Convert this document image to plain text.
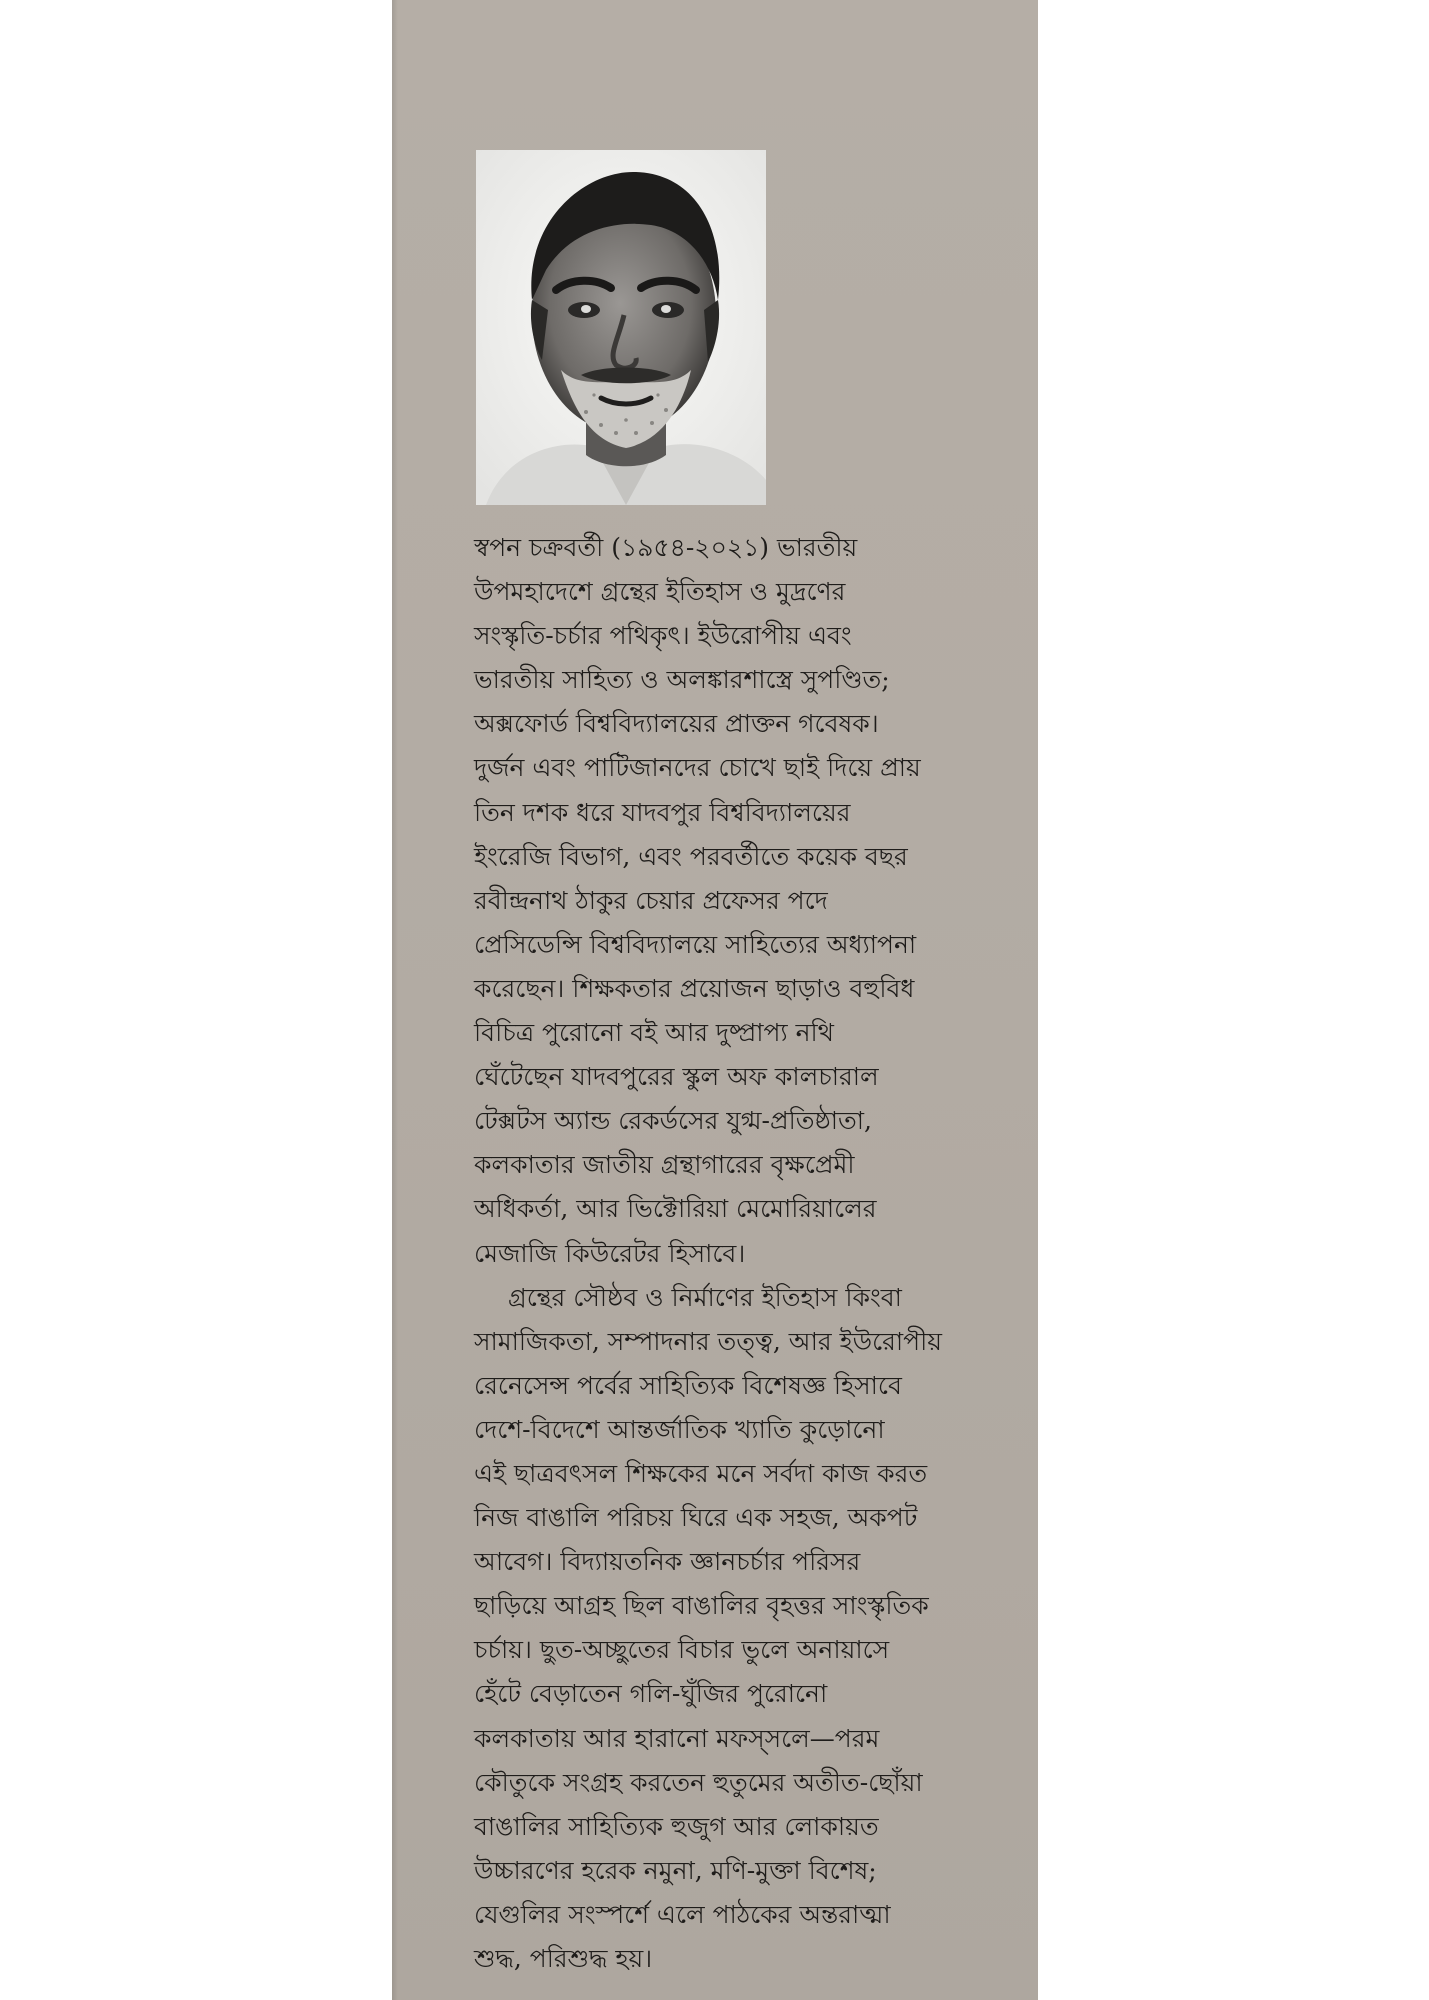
স্বপন চক্রবর্তী (১৯৫৪-২০২১) ভারতীয়
উপমহাদেশে গ্রন্থের ইতিহাস ও মুদ্রণের
সংস্কৃতি-চর্চার পথিকৃৎ। ইউরোপীয় এবং
ভারতীয় সাহিত্য ও অলঙ্কারশাস্ত্রে সুপণ্ডিত;
অক্সফোর্ড বিশ্ববিদ্যালয়ের প্রাক্তন গবেষক।
দুর্জন এবং পাটিজানদের চোখে ছাই দিয়ে প্রায়
তিন দশক ধরে যাদবপুর বিশ্ববিদ্যালয়ের
ইংরেজি বিভাগ, এবং পরবর্তীতে কয়েক বছর
রবীন্দ্রনাথ ঠাকুর চেয়ার প্রফেসর পদে
প্রেসিডেন্সি বিশ্ববিদ্যালয়ে সাহিত্যের অধ্যাপনা
করেছেন। শিক্ষকতার প্রয়োজন ছাড়াও বহুবিধ
বিচিত্র পুরোনো বই আর দুষ্প্রাপ্য নথি
ঘেঁটেছেন যাদবপুরের স্কুল অফ কালচারাল
টেক্সটস অ্যান্ড রেকর্ডসের যুগ্ম-প্রতিষ্ঠাতা,
কলকাতার জাতীয় গ্রন্থাগারের বৃক্ষপ্রেমী
অধিকর্তা, আর ভিক্টোরিয়া মেমোরিয়ালের
মেজাজি কিউরেটর হিসাবে।

গ্রন্থের সৌষ্ঠব ও নির্মাণের ইতিহাস কিংবা
সামাজিকতা, সম্পাদনার তত্ত্ব, আর ইউরোপীয়
রেনেসেন্স পর্বের সাহিত্যিক বিশেষজ্ঞ হিসাবে
দেশে-বিদেশে আন্তর্জাতিক খ্যাতি কুড়োনো
এই ছাত্রবৎসল শিক্ষকের মনে সর্বদা কাজ করত
নিজ বাঙালি পরিচয় ঘিরে এক সহজ, অকপট
আবেগ। বিদ্যায়তনিক জ্ঞানচর্চার পরিসর
ছাড়িয়ে আগ্রহ ছিল বাঙালির বৃহত্তর সাংস্কৃতিক
চর্চায়। ছুত-অচ্ছুতের বিচার ভুলে অনায়াসে
হেঁটে বেড়াতেন গলি-ঘুঁজির পুরোনো
কলকাতায় আর হারানো মফস্‌সলে—পরম
কৌতুকে সংগ্রহ করতেন হুতুমের অতীত-ছোঁয়া
বাঙালির সাহিত্যিক হুজুগ আর লোকায়ত
উচ্চারণের হরেক নমুনা, মণি-মুক্তা বিশেষ;
যেগুলির সংস্পর্শে এলে পাঠকের অন্তরাত্মা
শুদ্ধ, পরিশুদ্ধ হয়।
